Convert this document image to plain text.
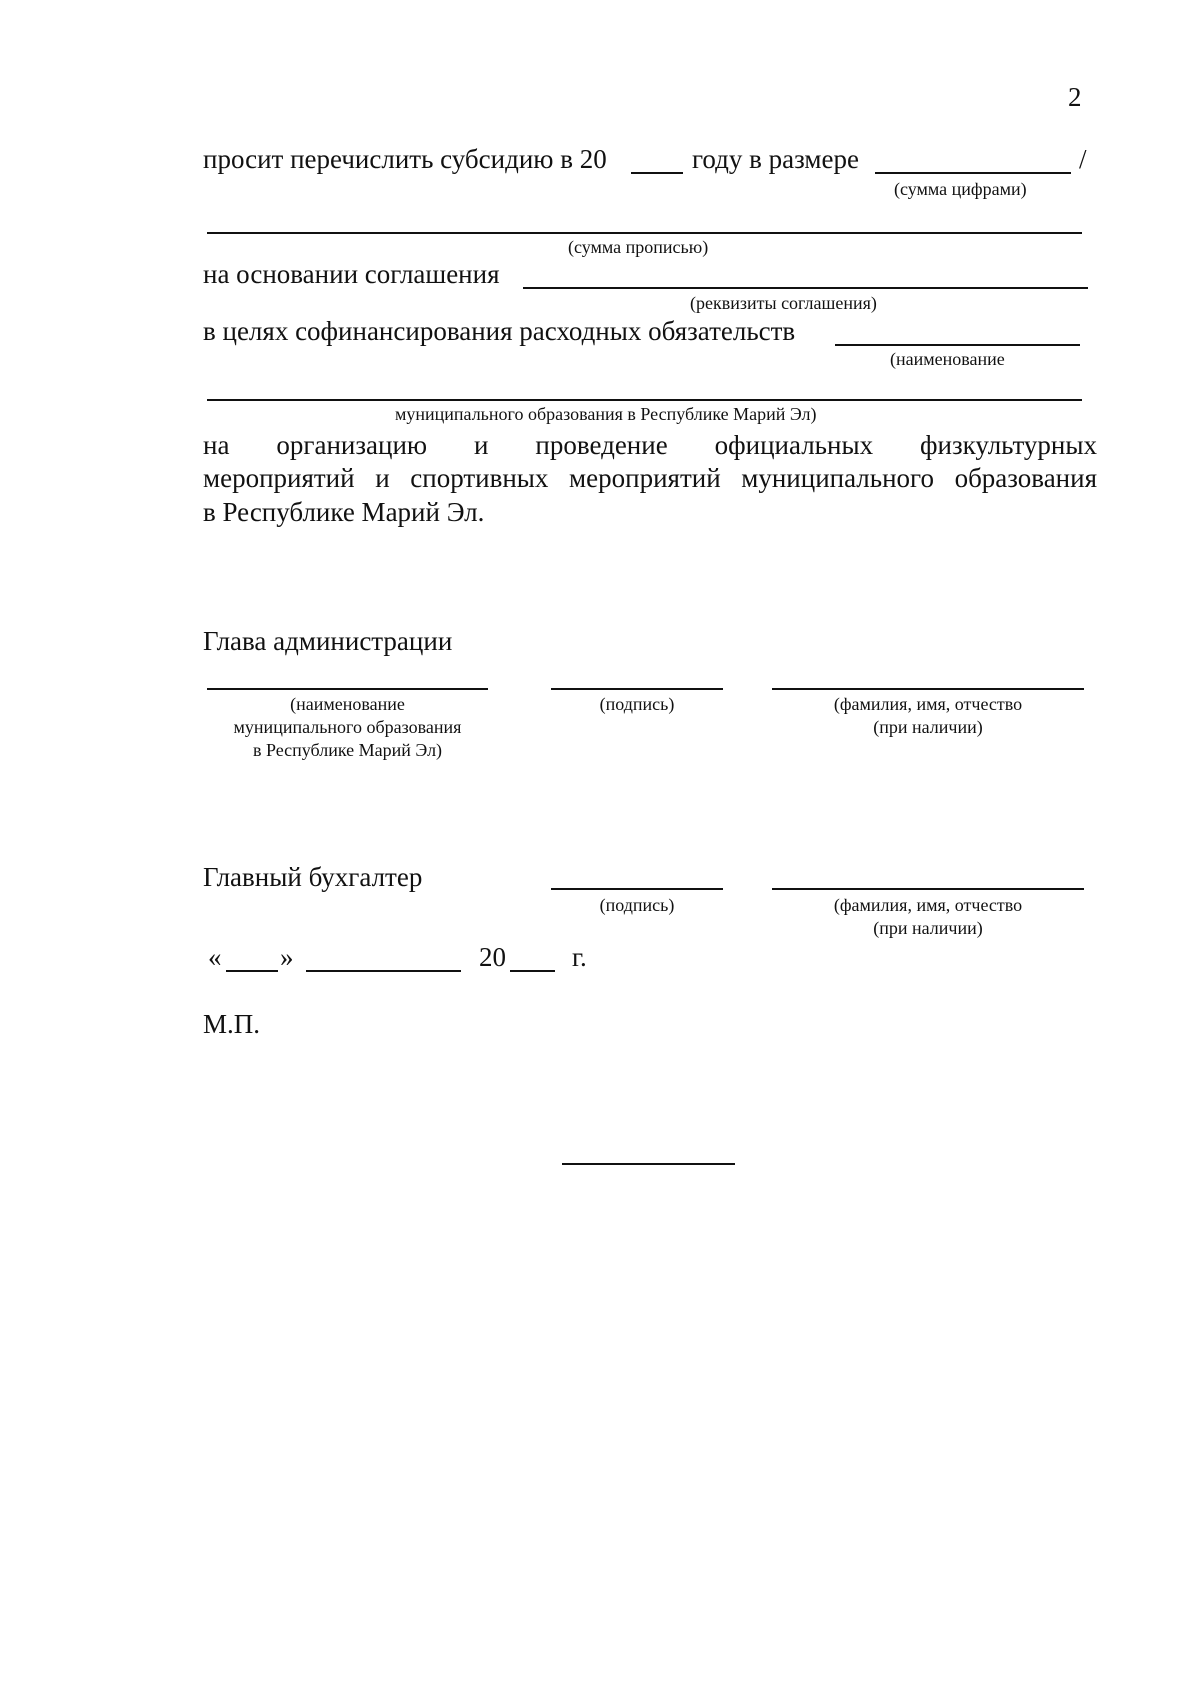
2
просит перечислить субсидию в 20	году в размере	/
(сумма цифрами)
(сумма прописью)
на основании соглашения
(реквизиты соглашения)
в целях софинансирования расходных обязательств
(наименование
муниципального образования в Республике Марий Эл)
на организацию и проведение официальных физкультурных
мероприятий и спортивных мероприятий муниципального образования
в Республике Марий Эл.
Глава администрации
(наименование
муниципального образования
в Республике Марий Эл)
(подпись)	(фамилия, имя, отчество
(при наличии)
Главный бухгалтер
(подпись)	(фамилия, имя, отчество
(при наличии)
« »	20 г.
М.П.
